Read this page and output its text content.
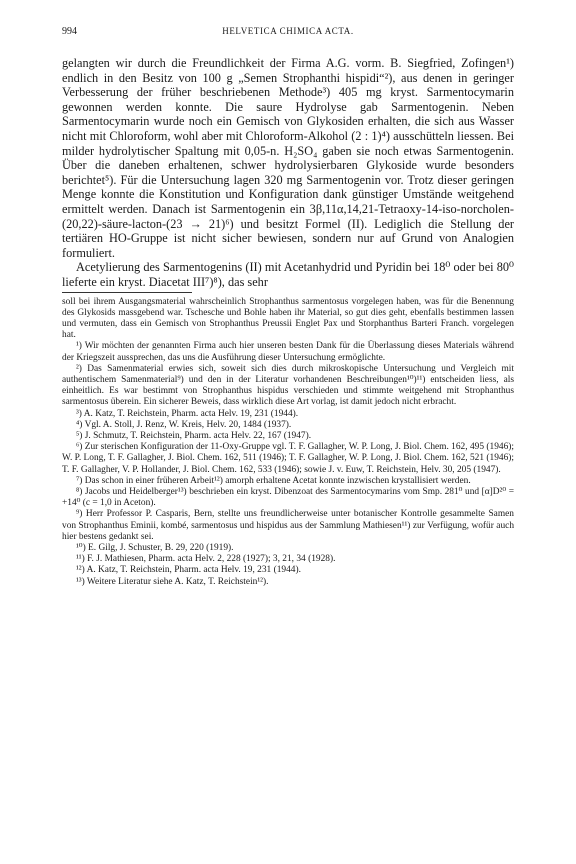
994	HELVETICA CHIMICA ACTA.

gelangten wir durch die Freundlichkeit der Firma A.G. vorm. B. Siegfried, Zofingen¹) endlich in den Besitz von 100 g „Semen Strophanthi hispidi“²), aus denen in geringer Verbesserung der früher beschriebenen Methode³) 405 mg kryst. Sarmentocymarin gewonnen werden konnte. Die saure Hydrolyse gab Sarmentogenin. Neben Sarmentocymarin wurde noch ein Gemisch von Glykosiden erhalten, die sich aus Wasser nicht mit Chloroform, wohl aber mit Chloroform-Alkohol (2 : 1)⁴) ausschütteln liessen. Bei milder hydrolytischer Spaltung mit 0,05-n. H₂SO₄ gaben sie noch etwas Sarmentogenin. Über die daneben erhaltenen, schwer hydrolysierbaren Glykoside wurde besonders berichtet⁵). Für die Untersuchung lagen 320 mg Sarmentogenin vor. Trotz dieser geringen Menge konnte die Konstitution und Konfiguration dank günstiger Umstände weitgehend ermittelt werden. Danach ist Sarmentogenin ein 3β,11α,14,21-Tetraoxy-14-iso-norcholen-(20,22)-säure-lacton-(23 → 21)⁶) und besitzt Formel (II). Lediglich die Stellung der tertiären HO-Gruppe ist nicht sicher bewiesen, sondern nur auf Grund von Analogien formuliert.

Acetylierung des Sarmentogenins (II) mit Acetanhydrid und Pyridin bei 18⁰ oder bei 80⁰ lieferte ein kryst. Diacetat III⁷)⁸), das sehr

soll bei ihrem Ausgangsmaterial wahrscheinlich Strophanthus sarmentosus vorgelegen haben, was für die Benennung des Glykosids massgebend war. Tschesche und Bohle haben ihr Material, so gut dies geht, ebenfalls bestimmen lassen und vermuten, dass ein Gemisch von Strophanthus Preussii Englet Pax und Storphanthus Barteri Franch. vorgelegen hat.

¹) Wir möchten der genannten Firma auch hier unseren besten Dank für die Überlassung dieses Materials während der Kriegszeit aussprechen, das uns die Ausführung dieser Untersuchung ermöglichte.

²) Das Samenmaterial erwies sich, soweit sich dies durch mikroskopische Untersuchung und Vergleich mit authentischem Samenmaterial⁹) und den in der Literatur vorhandenen Beschreibungen¹⁰)¹¹) entscheiden liess, als einheitlich. Es war bestimmt von Strophanthus hispidus verschieden und stimmte weitgehend mit Strophanthus sarmentosus überein. Ein sicherer Beweis, dass wirklich diese Art vorlag, ist damit jedoch nicht erbracht.

³) A. Katz, T. Reichstein, Pharm. acta Helv. 19, 231 (1944).

⁴) Vgl. A. Stoll, J. Renz, W. Kreis, Helv. 20, 1484 (1937).

⁵) J. Schmutz, T. Reichstein, Pharm. acta Helv. 22, 167 (1947).

⁶) Zur sterischen Konfiguration der 11-Oxy-Gruppe vgl. T. F. Gallagher, W. P. Long, J. Biol. Chem. 162, 495 (1946); W. P. Long, T. F. Gallagher, J. Biol. Chem. 162, 511 (1946); T. F. Gallagher, W. P. Long, J. Biol. Chem. 162, 521 (1946); T. F. Gallagher, V. P. Hollander, J. Biol. Chem. 162, 533 (1946); sowie J. v. Euw, T. Reichstein, Helv. 30, 205 (1947).

⁷) Das schon in einer früheren Arbeit¹²) amorph erhaltene Acetat konnte inzwischen krystallisiert werden.

⁸) Jacobs und Heidelberger¹³) beschrieben ein kryst. Dibenzoat des Sarmentocymarins vom Smp. 281⁰ und [α]D²⁰ = +14⁰ (c = 1,0 in Aceton).

⁹) Herr Professor P. Casparis, Bern, stellte uns freundlicherweise unter botanischer Kontrolle gesammelte Samen von Strophanthus Eminii, kombé, sarmentosus und hispidus aus der Sammlung Mathiesen¹¹) zur Verfügung, wofür auch hier bestens gedankt sei.

¹⁰) E. Gilg, J. Schuster, B. 29, 220 (1919).

¹¹) F. J. Mathiesen, Pharm. acta Helv. 2, 228 (1927); 3, 21, 34 (1928).

¹²) A. Katz, T. Reichstein, Pharm. acta Helv. 19, 231 (1944).

¹³) Weitere Literatur siehe A. Katz, T. Reichstein¹²).
